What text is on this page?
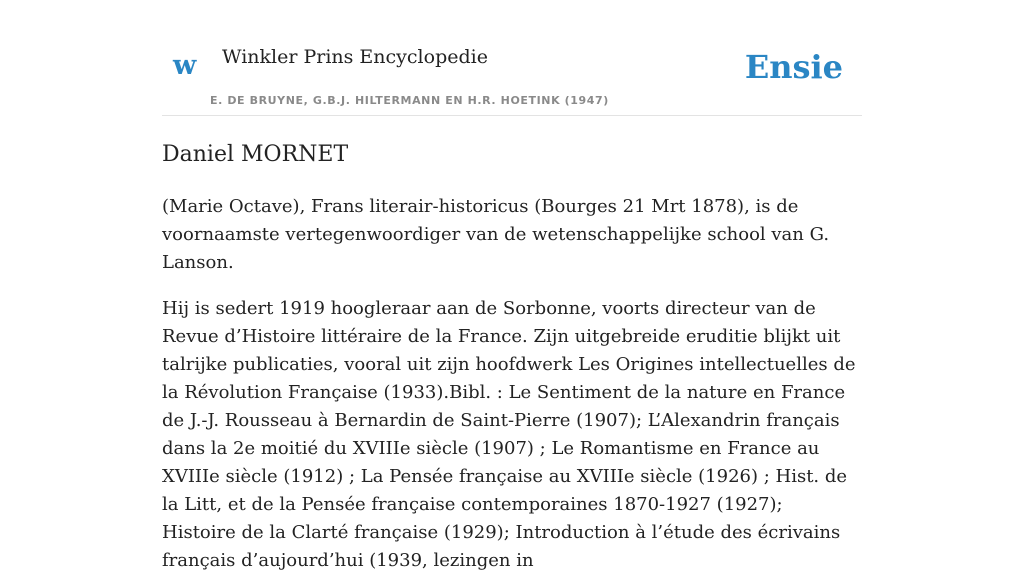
w Winkler Prins Encyclopedie
E. DE BRUYNE, G.B.J. HILTERMANN EN H.R. HOETINK (1947)
Ensie
Daniel MORNET

(Marie Octave), Frans literair-historicus (Bourges 21 Mrt 1878), is de voornaamste vertegenwoordiger van de wetenschappelijke school van G. Lanson.

Hij is sedert 1919 hoogleraar aan de Sorbonne, voorts directeur van de Revue d’Histoire littéraire de la France. Zijn uitgebreide eruditie blijkt uit talrijke publicaties, vooral uit zijn hoofdwerk Les Origines intellectuelles de la Révolution Française (1933).Bibl. : Le Sentiment de la nature en France de J.-J. Rousseau à Bernardin de Saint-Pierre (1907); L’Alexandrin français dans la 2e moitié du XVIIIe siècle (1907) ; Le Romantisme en France au XVIIIe siècle (1912) ; La Pensée française au XVIIIe siècle (1926) ; Hist. de la Litt, et de la Pensée française contemporaines 1870-1927 (1927); Histoire de la Clarté française (1929); Introduction à l’étude des écrivains français d’aujourd’hui (1939, lezingen in
